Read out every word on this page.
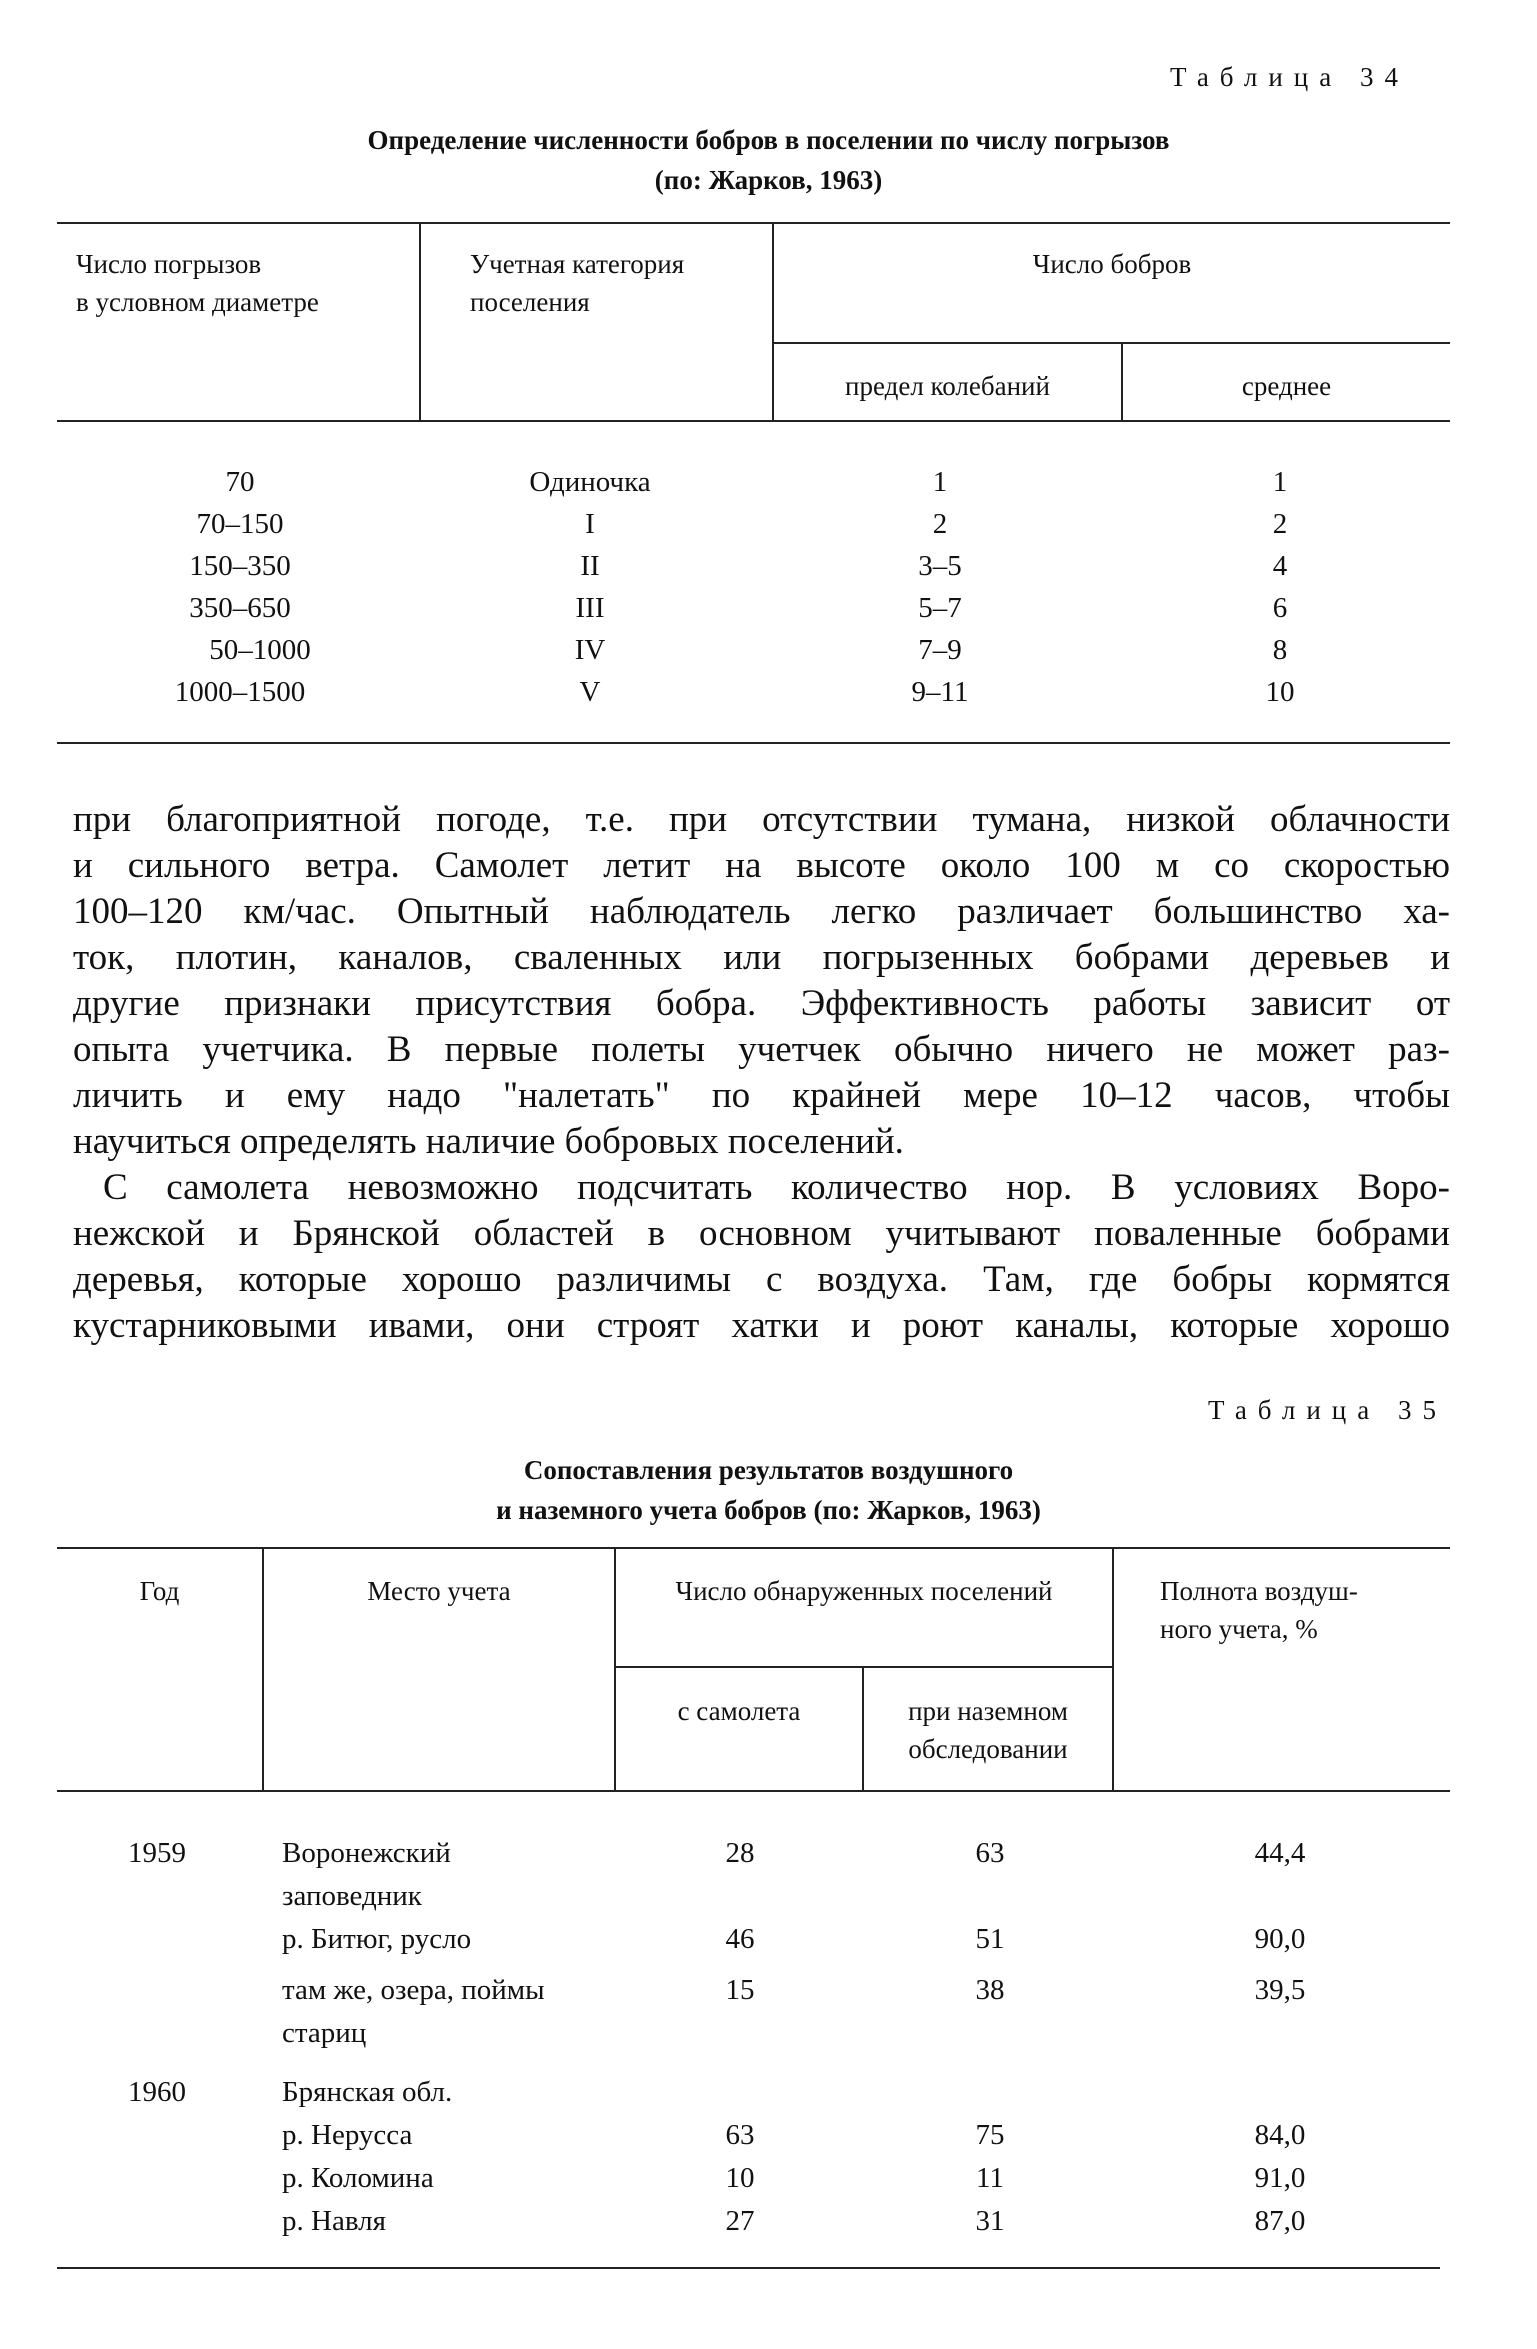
Таблица 34
Определение численности бобров в поселении по числу погрызов
(по: Жарков, 1963)
Число погрызов
в условном диаметре
Учетная категория
поселения
Число бобров
предел колебаний	среднее
70	Одиночка	1	1
70–150	I	2	2
150–350	II	3–5	4
350–650	III	5–7	6
50–1000	IV	7–9	8
1000–1500	V	9–11	10
при благоприятной погоде, т.е. при отсутствии тумана, низкой облачности
и сильного ветра. Самолет летит на высоте около 100 м со скоростью
100–120 км/час. Опытный наблюдатель легко различает большинство ха-
ток, плотин, каналов, сваленных или погрызенных бобрами деревьев и
другие признаки присутствия бобра. Эффективность работы зависит от
опыта учетчика. В первые полеты учетчек обычно ничего не может раз-
личить и ему надо "налетать" по крайней мере 10–12 часов, чтобы
научиться определять наличие бобровых поселений.
С самолета невозможно подсчитать количество нор. В условиях Воро-
нежской и Брянской областей в основном учитывают поваленные бобрами
деревья, которые хорошо различимы с воздуха. Там, где бобры кормятся
кустарниковыми ивами, они строят хатки и роют каналы, которые хорошо
Таблица 35
Сопоставления результатов воздушного
и наземного учета бобров (по: Жарков, 1963)
Год	Место учета	Число обнаруженных поселений	Полнота воздуш-
ного учета, %
с самолета	при наземном
обследовании
1959	Воронежский	28	63	44,4
заповедник
р. Битюг, русло	46	51	90,0
там же, озера, поймы	15	38	39,5
стариц
1960	Брянская обл.
р. Нерусса	63	75	84,0
р. Коломина	10	11	91,0
р. Навля	27	31	87,0
